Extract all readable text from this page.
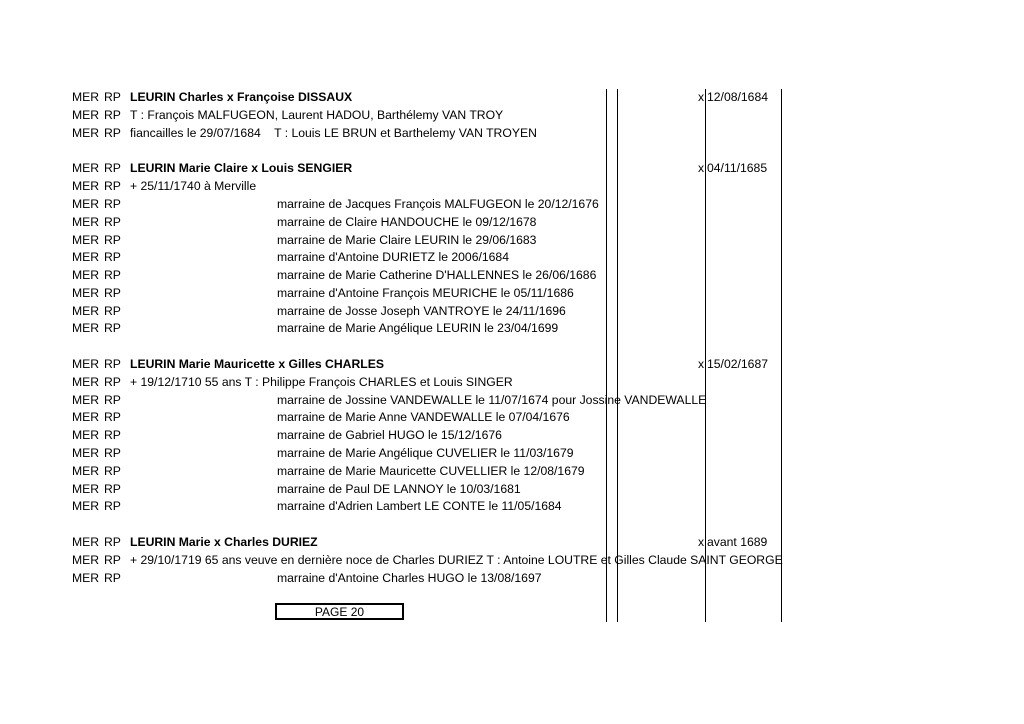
MER RP LEURIN Charles x Françoise DISSAUX	x 12/08/1684
MER RP T : François MALFUGEON, Laurent HADOU, Barthélemy VAN TROY
MER RP fiancailles le 29/07/1684    T : Louis LE BRUN et Barthelemy VAN TROYEN
MER RP LEURIN Marie Claire x Louis SENGIER	x 04/11/1685
MER RP + 25/11/1740 à Merville
MER RP	marraine de Jacques François MALFUGEON le 20/12/1676
MER RP	marraine de Claire HANDOUCHE le 09/12/1678
MER RP	marraine de Marie Claire LEURIN le 29/06/1683
MER RP	marraine d'Antoine DURIETZ le 2006/1684
MER RP	marraine de Marie Catherine D'HALLENNES le 26/06/1686
MER RP	marraine d'Antoine François MEURICHE le 05/11/1686
MER RP	marraine de Josse Joseph VANTROYE le 24/11/1696
MER RP	marraine de Marie Angélique LEURIN le 23/04/1699
MER RP LEURIN Marie Mauricette x Gilles CHARLES	x 15/02/1687
MER RP + 19/12/1710 55 ans T : Philippe François CHARLES et Louis SINGER
MER RP	marraine de Jossine VANDEWALLE le 11/07/1674 pour Jossine VANDEWALLE
MER RP	marraine de Marie Anne VANDEWALLE le 07/04/1676
MER RP	marraine de Gabriel HUGO le 15/12/1676
MER RP	marraine de Marie Angélique CUVELIER le 11/03/1679
MER RP	marraine de Marie Mauricette CUVELLIER le 12/08/1679
MER RP	marraine de Paul DE LANNOY le 10/03/1681
MER RP	marraine d'Adrien Lambert LE CONTE le 11/05/1684
MER RP LEURIN Marie x Charles DURIEZ	x avant 1689
MER RP + 29/10/1719 65 ans veuve en dernière noce de Charles DURIEZ T : Antoine LOUTRE et Gilles Claude SAINT GEORGE
MER RP	marraine d'Antoine Charles HUGO le 13/08/1697
PAGE 20
